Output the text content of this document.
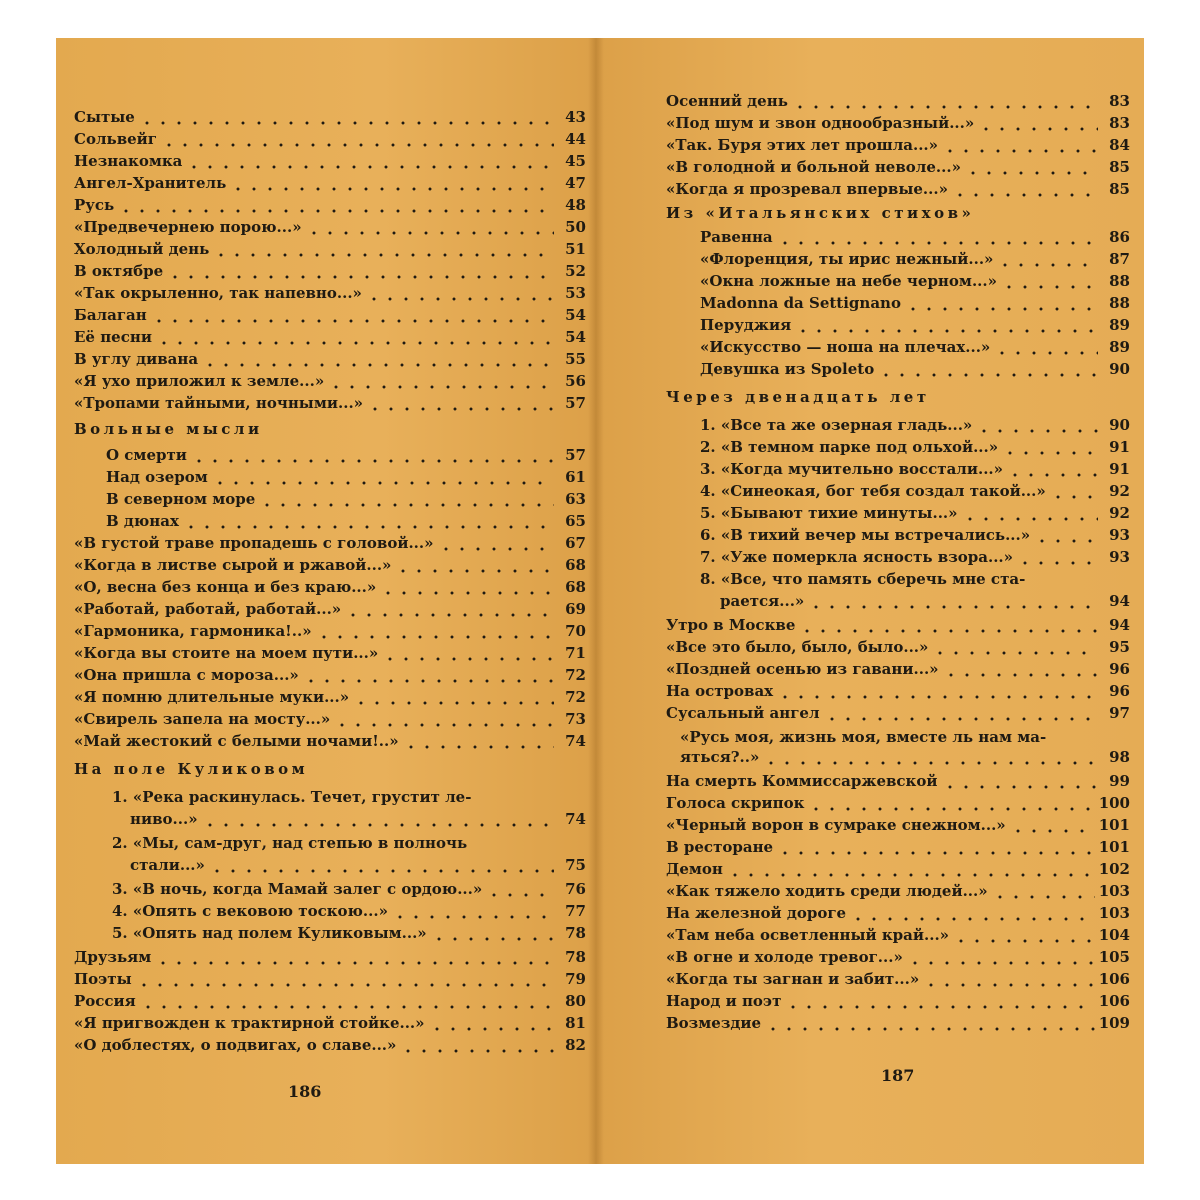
Сытые	43
Сольвейг	44
Незнакомка	45
Ангел-Хранитель	47
Русь	48
«Предвечернею порою...»	50
Холодный день	51
В октябре	52
«Так окрыленно, так напевно...»	53
Балаган	54
Её песни	54
В углу дивана	55
«Я ухо приложил к земле...»	56
«Тропами тайными, ночными...»	57
Вольные мысли
О смерти	57
Над озером	61
В северном море	63
В дюнах	65
«В густой траве пропадешь с головой...»	67
«Когда в листве сырой и ржавой...»	68
«О, весна без конца и без краю...»	68
«Работай, работай, работай...»	69
«Гармоника, гармоника!..»	70
«Когда вы стоите на моем пути...»	71
«Она пришла с мороза...»	72
«Я помню длительные муки...»	72
«Свирель запела на мосту...»	73
«Май жестокий с белыми ночами!..»	74
На поле Куликовом
1. «Река раскинулась. Течет, грустит ле-
ниво...»	74
2. «Мы, сам-друг, над степью в полночь
стали...»	75
3. «В ночь, когда Мамай залег с ордою...»	76
4. «Опять с вековою тоскою...»	77
5. «Опять над полем Куликовым...»	78
Друзьям	78
Поэты	79
Россия	80
«Я пригвожден к трактирной стойке...»	81
«О доблестях, о подвигах, о славе...»	82
186
Осенний день	83
«Под шум и звон однообразный...»	83
«Так. Буря этих лет прошла...»	84
«В голодной и больной неволе...»	85
«Когда я прозревал впервые...»	85
Из «Итальянских стихов»
Равенна	86
«Флоренция, ты ирис нежный...»	87
«Окна ложные на небе черном...»	88
Madonna da Settignano	88
Перуджия	89
«Искусство — ноша на плечах...»	89
Девушка из Spoleto	90
Через двенадцать лет
1. «Все та же озерная гладь...»	90
2. «В темном парке под ольхой...»	91
3. «Когда мучительно восстали...»	91
4. «Синеокая, бог тебя создал такой...»	92
5. «Бывают тихие минуты...»	92
6. «В тихий вечер мы встречались...»	93
7. «Уже померкла ясность взора...»	93
8. «Все, что память сберечь мне ста-
рается...»	94
Утро в Москве	94
«Все это было, было, было...»	95
«Поздней осенью из гавани...»	96
На островах	96
Сусальный ангел	97
«Русь моя, жизнь моя, вместе ль нам ма-
яться?..»	98
На смерть Коммиссаржевской	99
Голоса скрипок	100
«Черный ворон в сумраке снежном...»	101
В ресторане	101
Демон	102
«Как тяжело ходить среди людей...»	103
На железной дороге	103
«Там неба осветленный край...»	104
«В огне и холоде тревог...»	105
«Когда ты загнан и забит...»	106
Народ и поэт	106
Возмездие	109
187
